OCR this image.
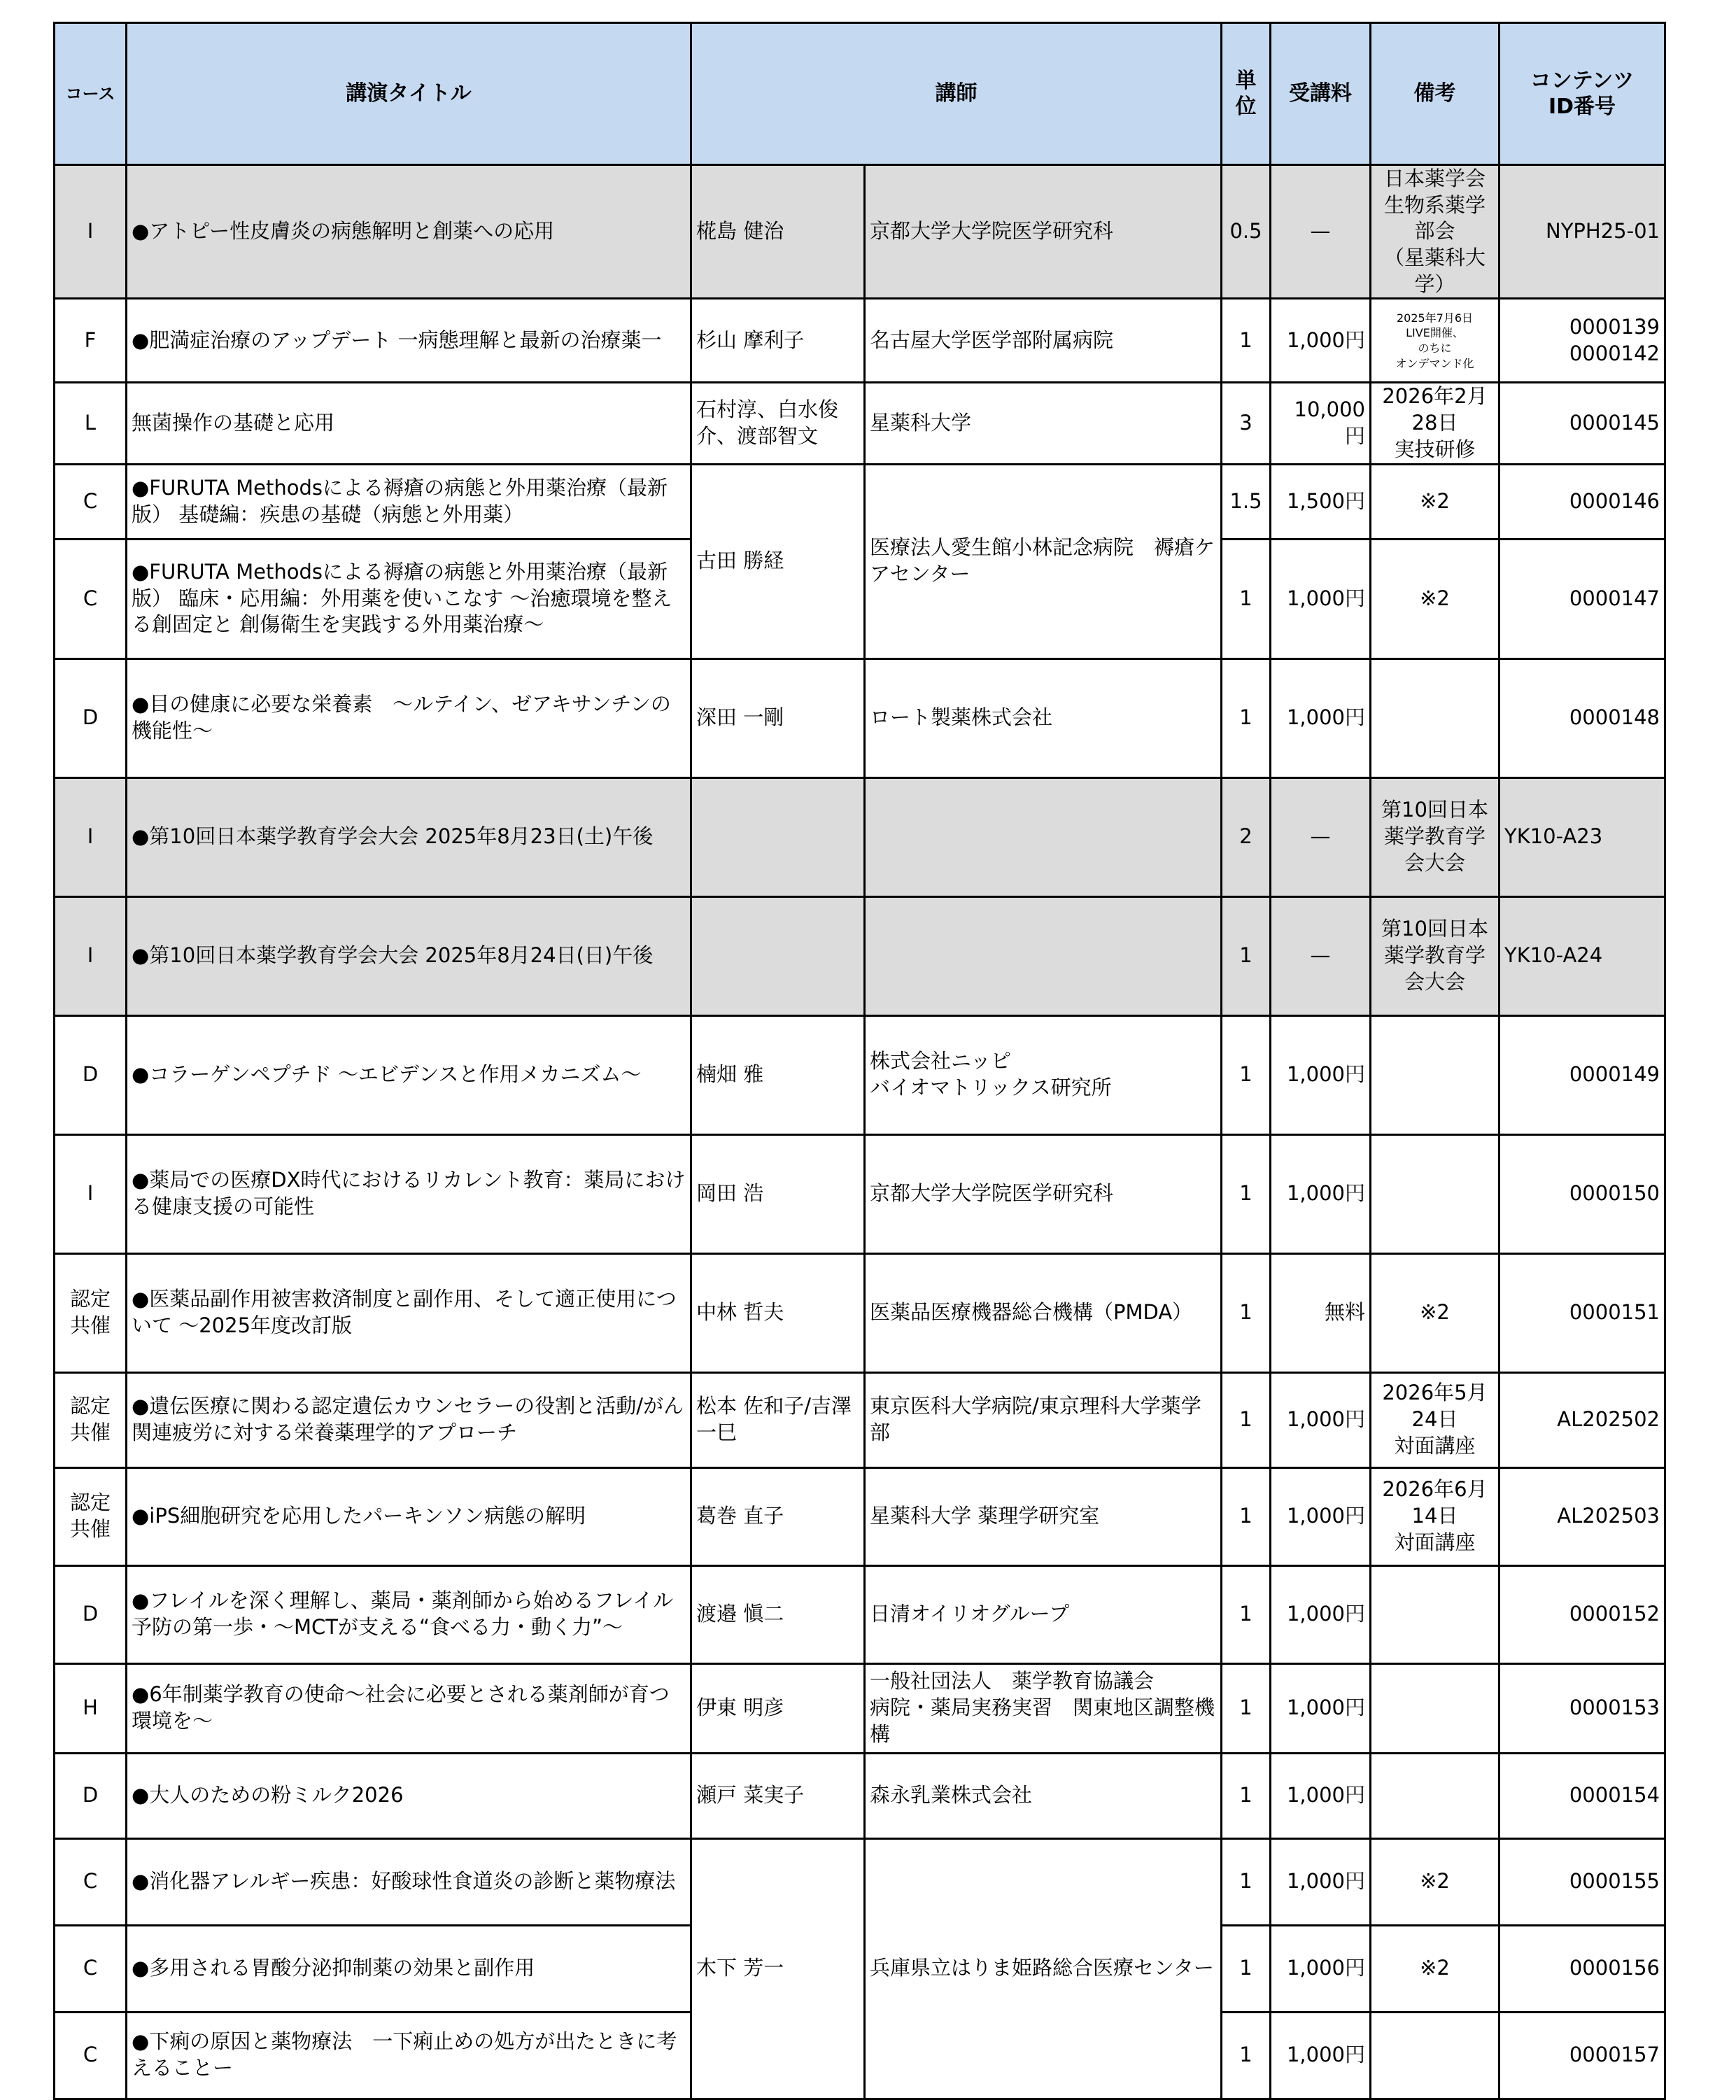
コース	講演タイトル	講師		単位	受講料	備考	コンテンツ
ID番号
I	●アトピー性皮膚炎の病態解明と創薬への応用	椛島 健治	京都大学大学院医学研究科	0.5	—	日本薬学会
生物系薬学部会
（星薬科大学）	NYPH25-01
F	●肥満症治療のアップデート 一病態理解と最新の治療薬一	杉山 摩利子	名古屋大学医学部附属病院	1	1,000円	2025年7月6日
LIVE開催、
のちに
オンデマンド化	0000139
0000142
L	無菌操作の基礎と応用	石村淳、白水俊介、渡部智文	星薬科大学	3	10,000円	2026年2月28日
実技研修	0000145
C	●FURUTA Methodsによる褥瘡の病態と外用薬治療（最新版） 基礎編：疾患の基礎（病態と外用薬）	古田 勝経	医療法人愛生館小林記念病院　褥瘡ケアセンター	1.5	1,500円	※2	0000146
C	●FURUTA Methodsによる褥瘡の病態と外用薬治療（最新版） 臨床・応用編：外用薬を使いこなす ～治癒環境を整える創固定と 創傷衛生を実践する外用薬治療～			1	1,000円	※2	0000147
D	●目の健康に必要な栄養素　～ルテイン、ゼアキサンチンの機能性～	深田 一剛	ロート製薬株式会社	1	1,000円		0000148
I	●第10回日本薬学教育学会大会 2025年8月23日(土)午後			2	—	第10回日本薬学教育学会大会	YK10-A23
I	●第10回日本薬学教育学会大会 2025年8月24日(日)午後			1	—	第10回日本薬学教育学会大会	YK10-A24
D	●コラーゲンペプチド ～エビデンスと作用メカニズム～	楠畑 雅	株式会社ニッピ
バイオマトリックス研究所	1	1,000円		0000149
I	●薬局での医療DX時代におけるリカレント教育：薬局における健康支援の可能性	岡田 浩	京都大学大学院医学研究科	1	1,000円		0000150
認定
共催	●医薬品副作用被害救済制度と副作用、そして適正使用について ～2025年度改訂版	中林 哲夫	医薬品医療機器総合機構（PMDA）	1	無料	※2	0000151
認定
共催	●遺伝医療に関わる認定遺伝カウンセラーの役割と活動/がん関連疲労に対する栄養薬理学的アプローチ	松本 佐和子/吉澤 一巳	東京医科大学病院/東京理科大学薬学部	1	1,000円	2026年5月24日
対面講座	AL202502
認定
共催	●iPS細胞研究を応用したパーキンソン病態の解明	葛巻 直子	星薬科大学 薬理学研究室	1	1,000円	2026年6月14日
対面講座	AL202503
D	●フレイルを深く理解し、薬局・薬剤師から始めるフレイル予防の第一歩・～MCTが支える“食べる力・動く力”～	渡邉 愼二	日清オイリオグループ	1	1,000円		0000152
H	●6年制薬学教育の使命～社会に必要とされる薬剤師が育つ環境を～	伊東 明彦	一般社団法人　薬学教育協議会
病院・薬局実務実習　関東地区調整機構	1	1,000円		0000153
D	●大人のための粉ミルク2026	瀬戸 菜実子	森永乳業株式会社	1	1,000円		0000154
C	●消化器アレルギー疾患：好酸球性食道炎の診断と薬物療法	木下 芳一	兵庫県立はりま姫路総合医療センター	1	1,000円	※2	0000155
C	●多用される胃酸分泌抑制薬の効果と副作用			1	1,000円	※2	0000156
C	●下痢の原因と薬物療法　一下痢止めの処方が出たときに考えることー			1	1,000円		0000157
